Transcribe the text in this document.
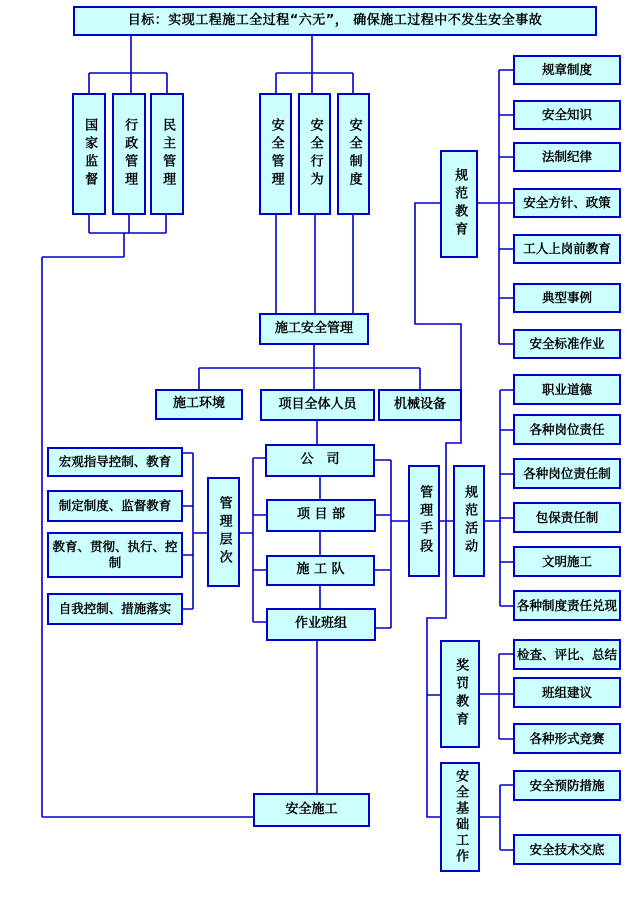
目标：实现工程施工全过程“六无”， 确保施工过程中不发生安全事故
国家监督	行政管理	民主管理	安全管理	安全行为	安全制度
施工安全管理
施工环境	项目全体人员	机械设备
公　司
项 目 部
施 工 队
作业班组
管理层次
宏观指导控制、教育
制定制度、监督教育
教育、贯彻、执行、控制
自我控制、措施落实
管理手段
规范教育
规范活动
奖罚教育
安全基础工作
规章制度
安全知识
法制纪律
安全方针、政策
工人上岗前教育
典型事例
安全标准作业
职业道德
各种岗位责任
各种岗位责任制
包保责任制
文明施工
各种制度责任兑现
检查、评比、总结
班组建议
各种形式竞赛
安全预防措施
安全技术交底
安全施工
